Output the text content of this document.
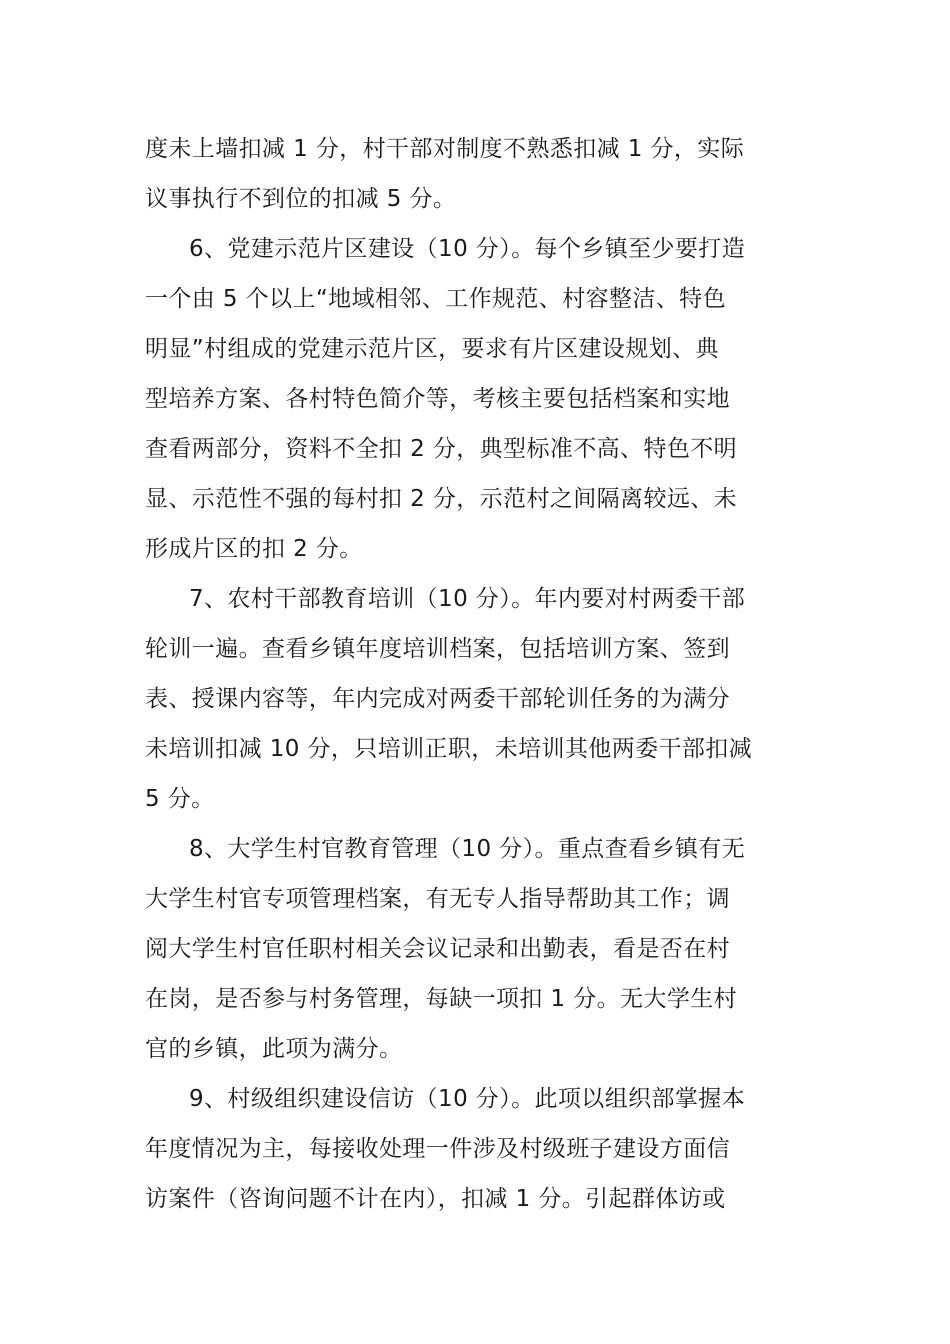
度未上墙扣减 1 分，村干部对制度不熟悉扣减 1 分，实际
议事执行不到位的扣减 5 分。
6、党建示范片区建设（10 分）。每个乡镇至少要打造
一个由 5 个以上“地域相邻、工作规范、村容整洁、特色
明显”村组成的党建示范片区，要求有片区建设规划、典
型培养方案、各村特色简介等，考核主要包括档案和实地
查看两部分，资料不全扣 2 分，典型标准不高、特色不明
显、示范性不强的每村扣 2 分，示范村之间隔离较远、未
形成片区的扣 2 分。
7、农村干部教育培训（10 分）。年内要对村两委干部
轮训一遍。查看乡镇年度培训档案，包括培训方案、签到
表、授课内容等，年内完成对两委干部轮训任务的为满分
未培训扣减 10 分，只培训正职，未培训其他两委干部扣减
5 分。
8、大学生村官教育管理（10 分）。重点查看乡镇有无
大学生村官专项管理档案，有无专人指导帮助其工作；调
阅大学生村官任职村相关会议记录和出勤表，看是否在村
在岗，是否参与村务管理，每缺一项扣 1 分。无大学生村
官的乡镇，此项为满分。
9、村级组织建设信访（10 分）。此项以组织部掌握本
年度情况为主，每接收处理一件涉及村级班子建设方面信
访案件（咨询问题不计在内），扣减 1 分。引起群体访或
